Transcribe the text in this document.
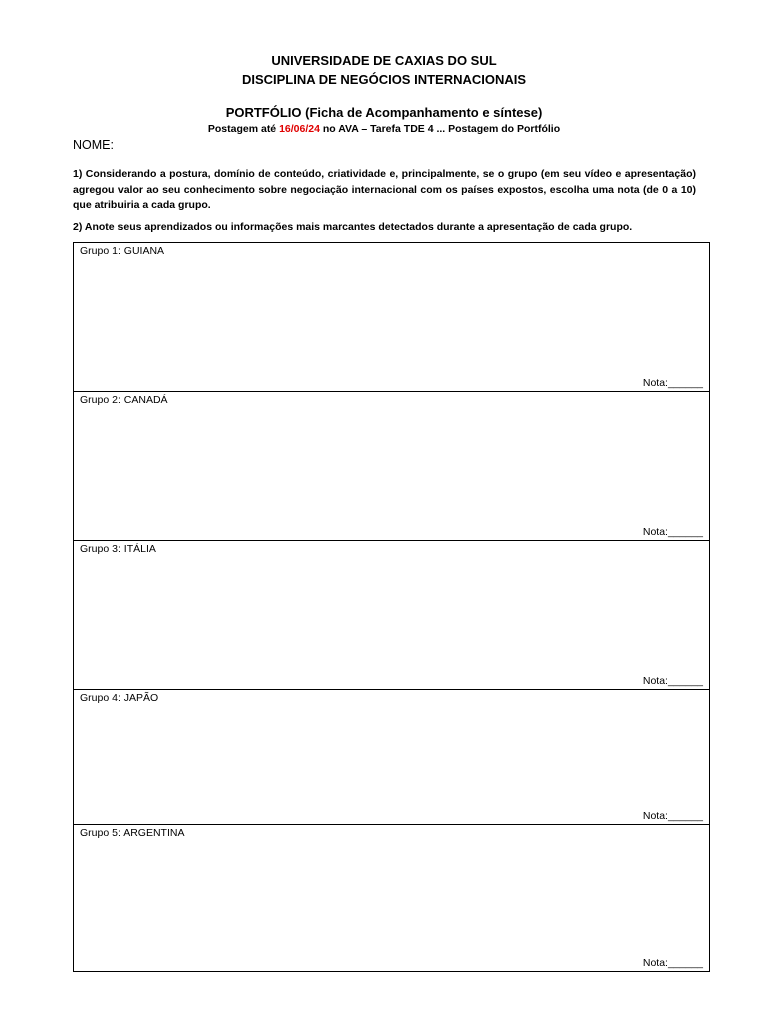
UNIVERSIDADE DE CAXIAS DO SUL
DISCIPLINA DE NEGÓCIOS INTERNACIONAIS
PORTFÓLIO (Ficha de Acompanhamento e síntese)
Postagem até 16/06/24 no AVA – Tarefa TDE 4 ... Postagem do Portfólio
NOME:
1) Considerando a postura, domínio de conteúdo, criatividade e, principalmente, se o grupo (em seu vídeo e apresentação) agregou valor ao seu conhecimento sobre negociação internacional com os países expostos, escolha uma nota (de 0 a 10) que atribuiria a cada grupo.
2) Anote seus aprendizados ou informações mais marcantes detectados durante a apresentação de cada grupo.
Grupo 1: GUIANA
Nota:______
Grupo 2: CANADÁ
Nota:______
Grupo 3: ITÁLIA
Nota:______
Grupo 4: JAPÃO
Nota:______
Grupo 5: ARGENTINA
Nota:______
